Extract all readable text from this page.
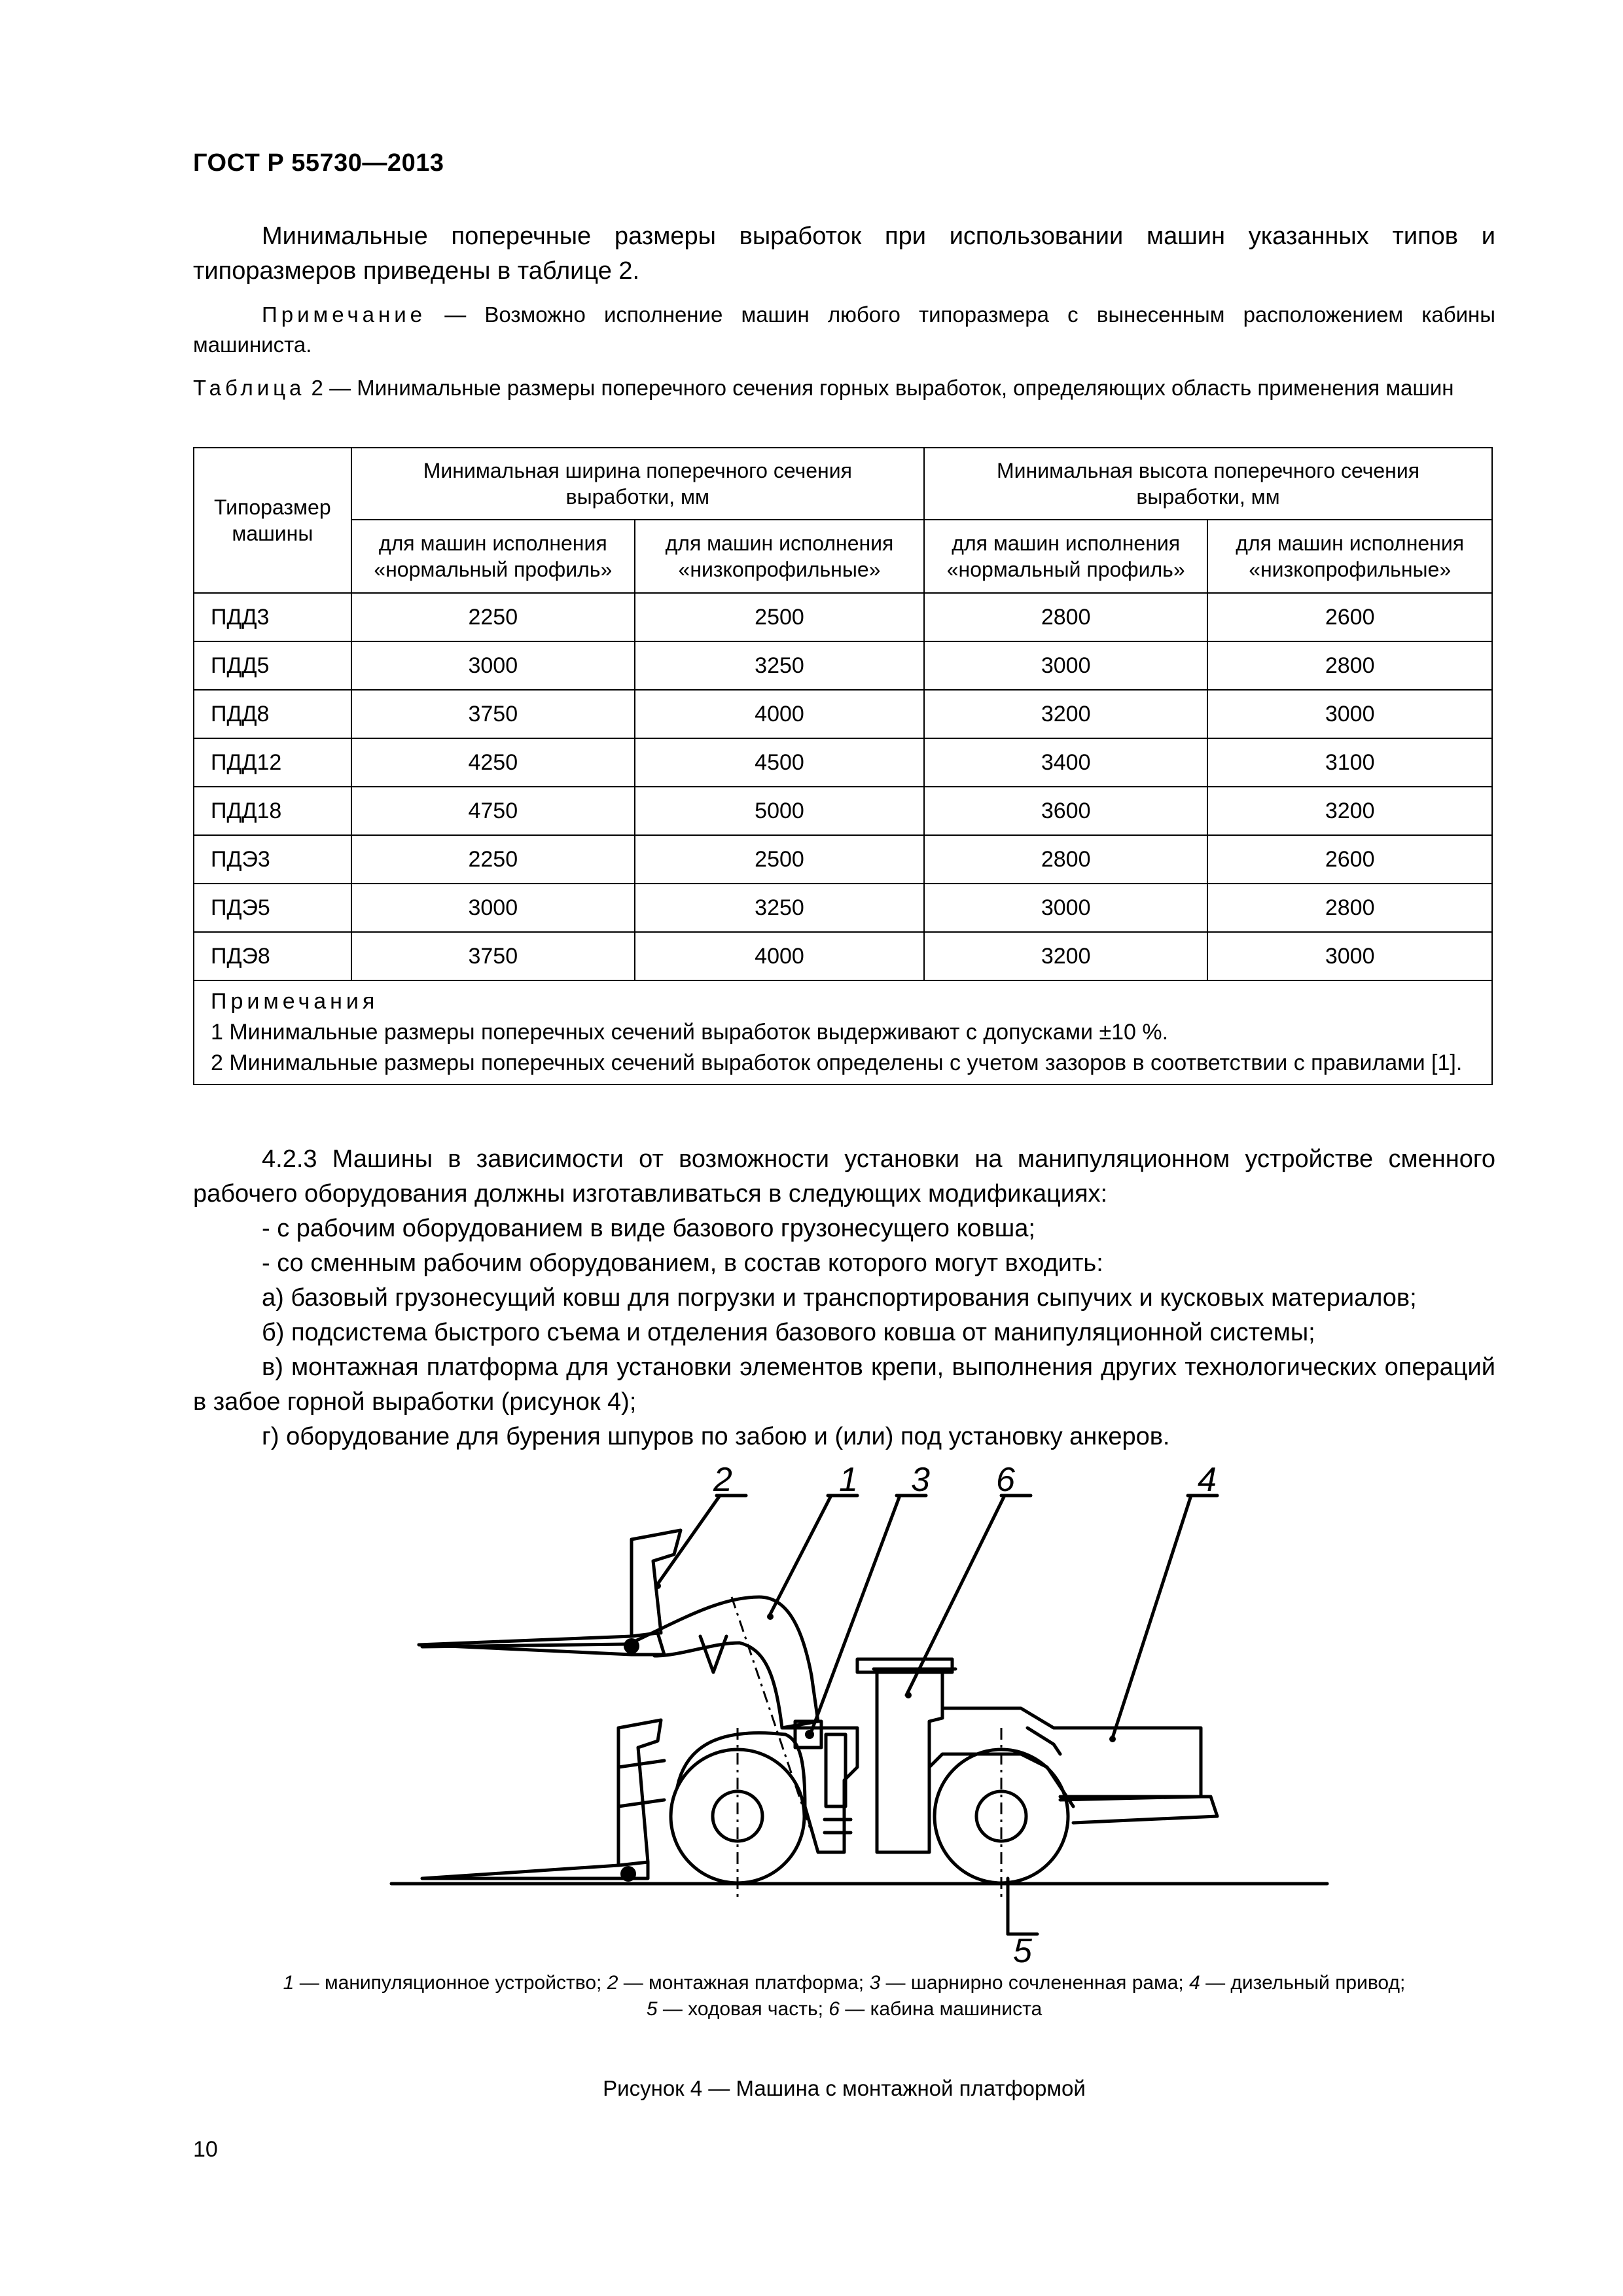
ГОСТ Р 55730—2013
Минимальные поперечные размеры выработок при использовании машин указанных типов и типоразмеров приведены в таблице 2.
Примечание — Возможно исполнение машин любого типоразмера с вынесенным расположением кабины машиниста.
Таблица 2 — Минимальные размеры поперечного сечения горных выработок, определяющих область применения машин
Типоразмер машины	Минимальная ширина поперечного сечения выработки, мм		Минимальная высота поперечного сечения выработки, мм	
	для машин исполнения «нормальный профиль»	для машин исполнения «низкопрофильные»	для машин исполнения «нормальный профиль»	для машин исполнения «низкопрофильные»
ПДД3	2250	2500	2800	2600
ПДД5	3000	3250	3000	2800
ПДД8	3750	4000	3200	3000
ПДД12	4250	4500	3400	3100
ПДД18	4750	5000	3600	3200
ПДЭ3	2250	2500	2800	2600
ПДЭ5	3000	3250	3000	2800
ПДЭ8	3750	4000	3200	3000

Примечания
1 Минимальные размеры поперечных сечений выработок выдерживают с допусками ±10 %.
2 Минимальные размеры поперечных сечений выработок определены с учетом зазоров в соответствии с правилами [1].				
4.2.3 Машины в зависимости от возможности установки на манипуляционном устройстве сменного рабочего оборудования должны изготавливаться в следующих модификациях:
- с рабочим оборудованием в виде базового грузонесущего ковша;
- со сменным рабочим оборудованием, в состав которого могут входить:
а) базовый грузонесущий ковш для погрузки и транспортирования сыпучих и кусковых материалов;
б) подсистема быстрого съема и отделения базового ковша от манипуляционной системы;
в) монтажная платформа для установки элементов крепи, выполнения других технологических операций в забое горной выработки (рисунок 4);
г) оборудование для бурения шпуров по забою и (или) под установку анкеров.
2	1 3 6	4
5
1 — манипуляционное устройство; 2 — монтажная платформа; 3 — шарнирно сочлененная рама; 4 — дизельный привод;
5 — ходовая часть; 6 — кабина машиниста
Рисунок 4 — Машина с монтажной платформой
10
